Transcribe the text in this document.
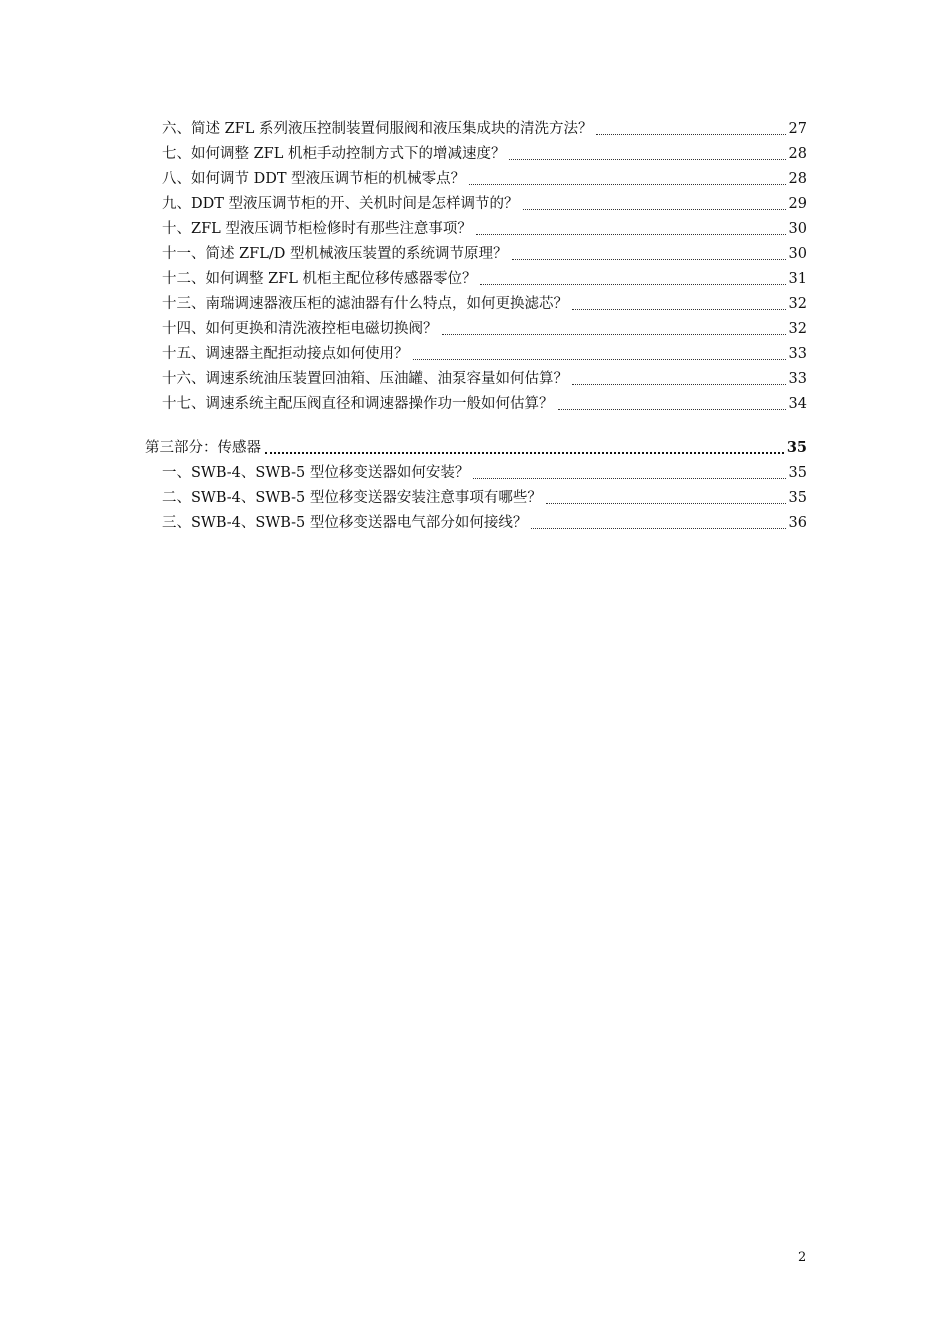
六、简述 ZFL 系列液压控制装置伺服阀和液压集成块的清洗方法？	27
七、如何调整 ZFL 机柜手动控制方式下的增减速度？	28
八、如何调节 DDT 型液压调节柜的机械零点？	28
九、DDT 型液压调节柜的开、关机时间是怎样调节的？	29
十、ZFL 型液压调节柜检修时有那些注意事项？	30
十一、简述 ZFL/D 型机械液压装置的系统调节原理？	30
十二、如何调整 ZFL 机柜主配位移传感器零位？	31
十三、南瑞调速器液压柜的滤油器有什么特点，如何更换滤芯？	32
十四、如何更换和清洗液控柜电磁切换阀？	32
十五、调速器主配拒动接点如何使用？	33
十六、调速系统油压装置回油箱、压油罐、油泵容量如何估算？	33
十七、调速系统主配压阀直径和调速器操作功一般如何估算？	34
第三部分：传感器	35
一、SWB-4、SWB-5 型位移变送器如何安装？	35
二、SWB-4、SWB-5 型位移变送器安装注意事项有哪些？	35
三、SWB-4、SWB-5 型位移变送器电气部分如何接线？	36
2
